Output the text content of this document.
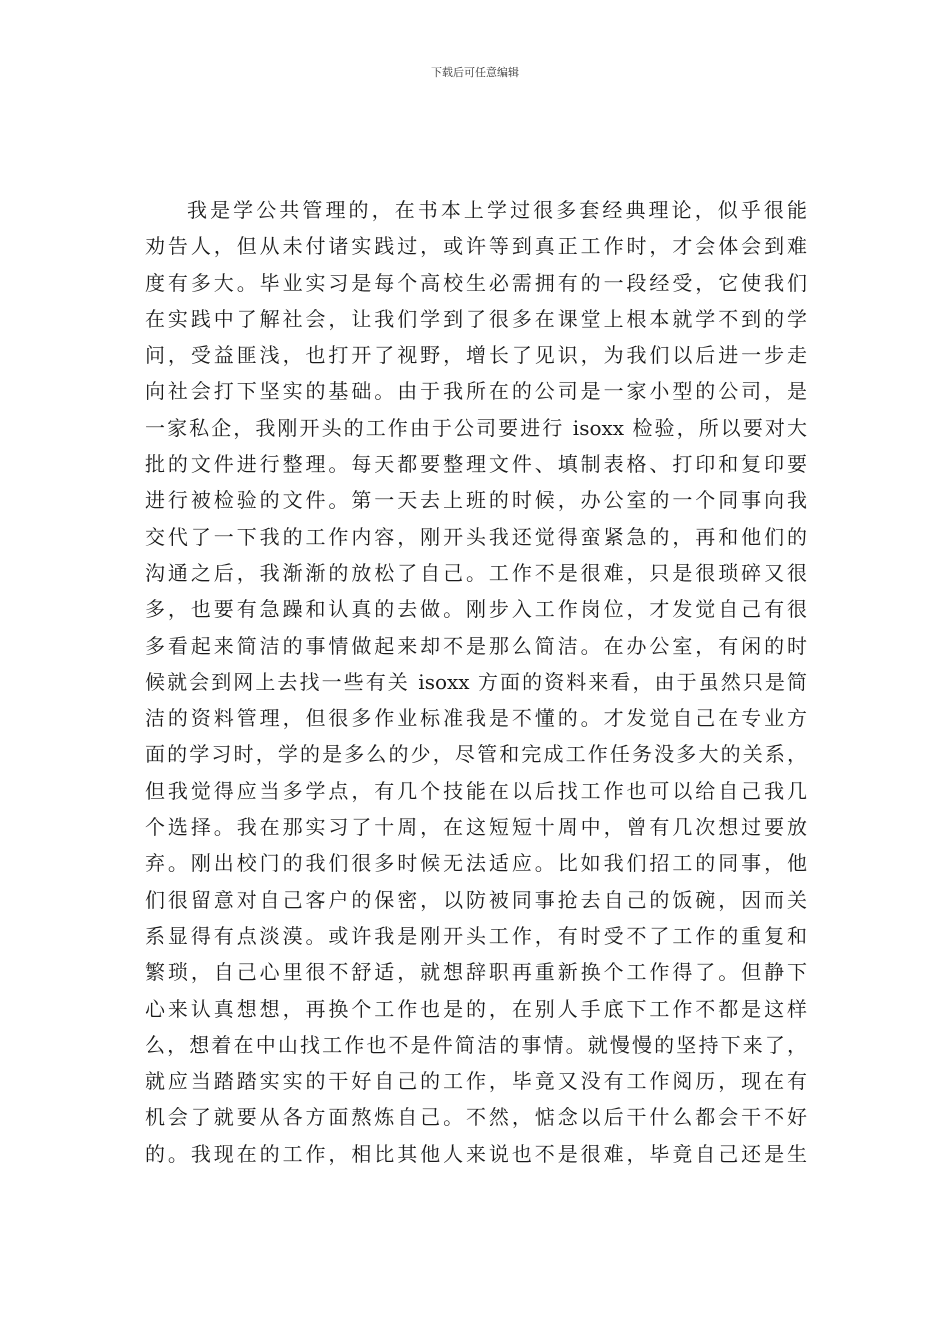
下载后可任意编辑
我是学公共管理的，在书本上学过很多套经典理论，似乎很能
劝告人，但从未付诸实践过，或许等到真正工作时，才会体会到难
度有多大。毕业实习是每个高校生必需拥有的一段经受，它使我们
在实践中了解社会，让我们学到了很多在课堂上根本就学不到的学
问，受益匪浅，也打开了视野，增长了见识，为我们以后进一步走
向社会打下坚实的基础。由于我所在的公司是一家小型的公司，是
一家私企，我刚开头的工作由于公司要进行 isoxx 检验，所以要对大
批的文件进行整理。每天都要整理文件、填制表格、打印和复印要
进行被检验的文件。第一天去上班的时候，办公室的一个同事向我
交代了一下我的工作内容，刚开头我还觉得蛮紧急的，再和他们的
沟通之后，我渐渐的放松了自己。工作不是很难，只是很琐碎又很
多，也要有急躁和认真的去做。刚步入工作岗位，才发觉自己有很
多看起来简洁的事情做起来却不是那么简洁。在办公室，有闲的时
候就会到网上去找一些有关 isoxx 方面的资料来看，由于虽然只是简
洁的资料管理，但很多作业标准我是不懂的。才发觉自己在专业方
面的学习时，学的是多么的少，尽管和完成工作任务没多大的关系，
但我觉得应当多学点，有几个技能在以后找工作也可以给自己我几
个选择。我在那实习了十周，在这短短十周中，曾有几次想过要放
弃。刚出校门的我们很多时候无法适应。比如我们招工的同事，他
们很留意对自己客户的保密，以防被同事抢去自己的饭碗，因而关
系显得有点淡漠。或许我是刚开头工作，有时受不了工作的重复和
繁琐，自己心里很不舒适，就想辞职再重新换个工作得了。但静下
心来认真想想，再换个工作也是的，在别人手底下工作不都是这样
么，想着在中山找工作也不是件简洁的事情。就慢慢的坚持下来了，
就应当踏踏实实的干好自己的工作，毕竟又没有工作阅历，现在有
机会了就要从各方面熬炼自己。不然，惦念以后干什么都会干不好
的。我现在的工作，相比其他人来说也不是很难，毕竟自己还是生
